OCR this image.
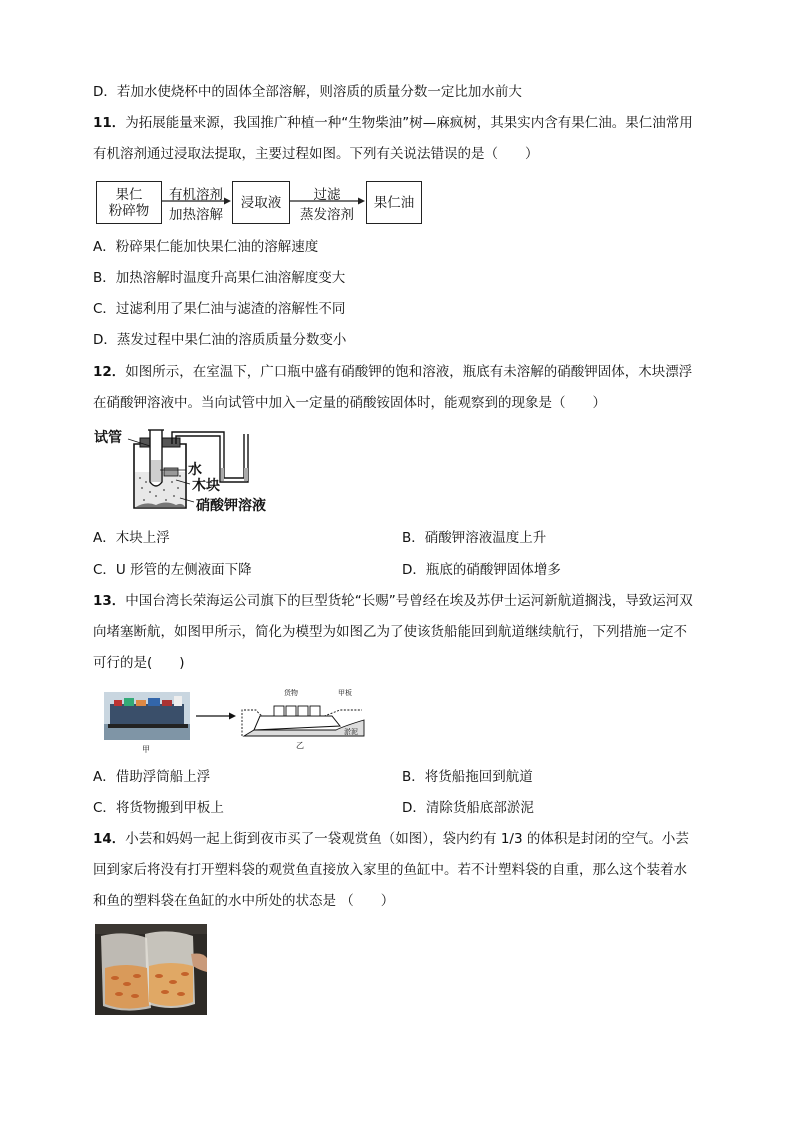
D．若加水使烧杯中的固体全部溶解，则溶质的质量分数一定比加水前大
11．为拓展能量来源，我国推广种植一种“生物柴油”树—麻疯树，其果实内含有果仁油。果仁油常用
有机溶剂通过浸取法提取，主要过程如图。下列有关说法错误的是（　　）
果仁
粉碎物
有机溶剂
加热溶解
浸取液	过滤
蒸发溶剂
果仁油
A．粉碎果仁能加快果仁油的溶解速度
B．加热溶解时温度升高果仁油溶解度变大
C．过滤利用了果仁油与滤渣的溶解性不同
D．蒸发过程中果仁油的溶质质量分数变小
12．如图所示，在室温下，广口瓶中盛有硝酸钾的饱和溶液，瓶底有未溶解的硝酸钾固体，木块漂浮
在硝酸钾溶液中。当向试管中加入一定量的硝酸铵固体时，能观察到的现象是（　　）
试管
水
木块
硝酸钾溶液
A．木块上浮	B．硝酸钾溶液温度上升
C．U 形管的左侧液面下降	D．瓶底的硝酸钾固体增多
13．中国台湾长荣海运公司旗下的巨型货轮“长赐”号曾经在埃及苏伊士运河新航道搁浅，导致运河双
向堵塞断航，如图甲所示，简化为模型为如图乙为了使该货船能回到航道继续航行，下列措施一定不
可行的是(　　)
甲
货物	甲板
淤泥
乙
A．借助浮筒船上浮	B．将货船拖回到航道
C．将货物搬到甲板上	D．清除货船底部淤泥
14．小芸和妈妈一起上街到夜市买了一袋观赏鱼（如图），袋内约有 1/3 的体积是封闭的空气。小芸
回到家后将没有打开塑料袋的观赏鱼直接放入家里的鱼缸中。若不计塑料袋的自重，那么这个装着水
和鱼的塑料袋在鱼缸的水中所处的状态是 （　　）
